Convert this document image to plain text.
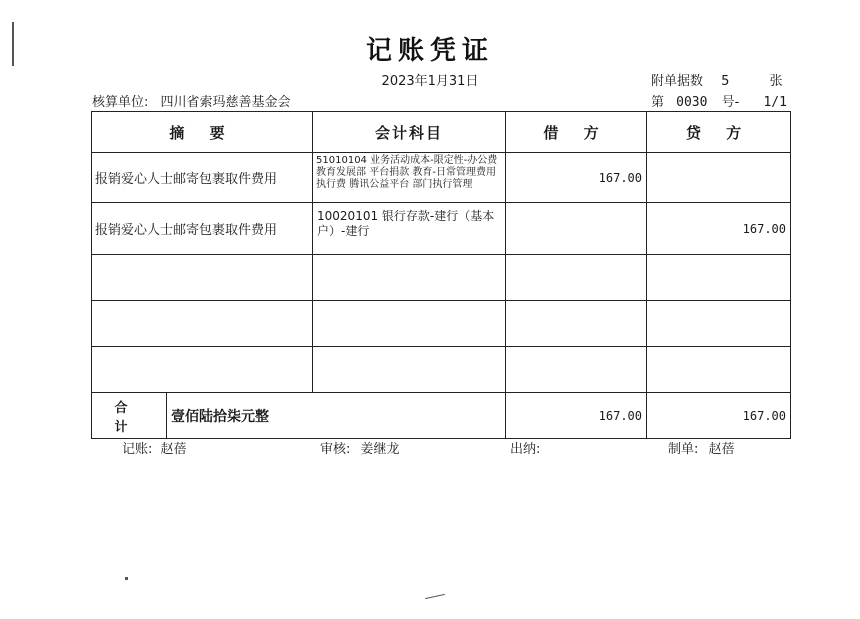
记账凭证
2023年1月31日
核算单位: 四川省索玛慈善基金会
附单据数 5	张
第 0030 号- 1/1
摘 要		会计科目	借 方	贷 方
报销爱心人士邮寄包裹取件费用		51010104 业务活动成本-限定性-办公费 教育发展部 平台捐款 教育-日常管理费用 执行费 腾讯公益平台 部门执行管理	167.00	
报销爱心人士邮寄包裹取件费用		10020101 银行存款-建行（基本户）-建行		167.00

合 计	壹佰陆拾柒元整		167.00	167.00
记账: 赵蓓	审核: 姜继龙	出纳:	制单: 赵蓓
